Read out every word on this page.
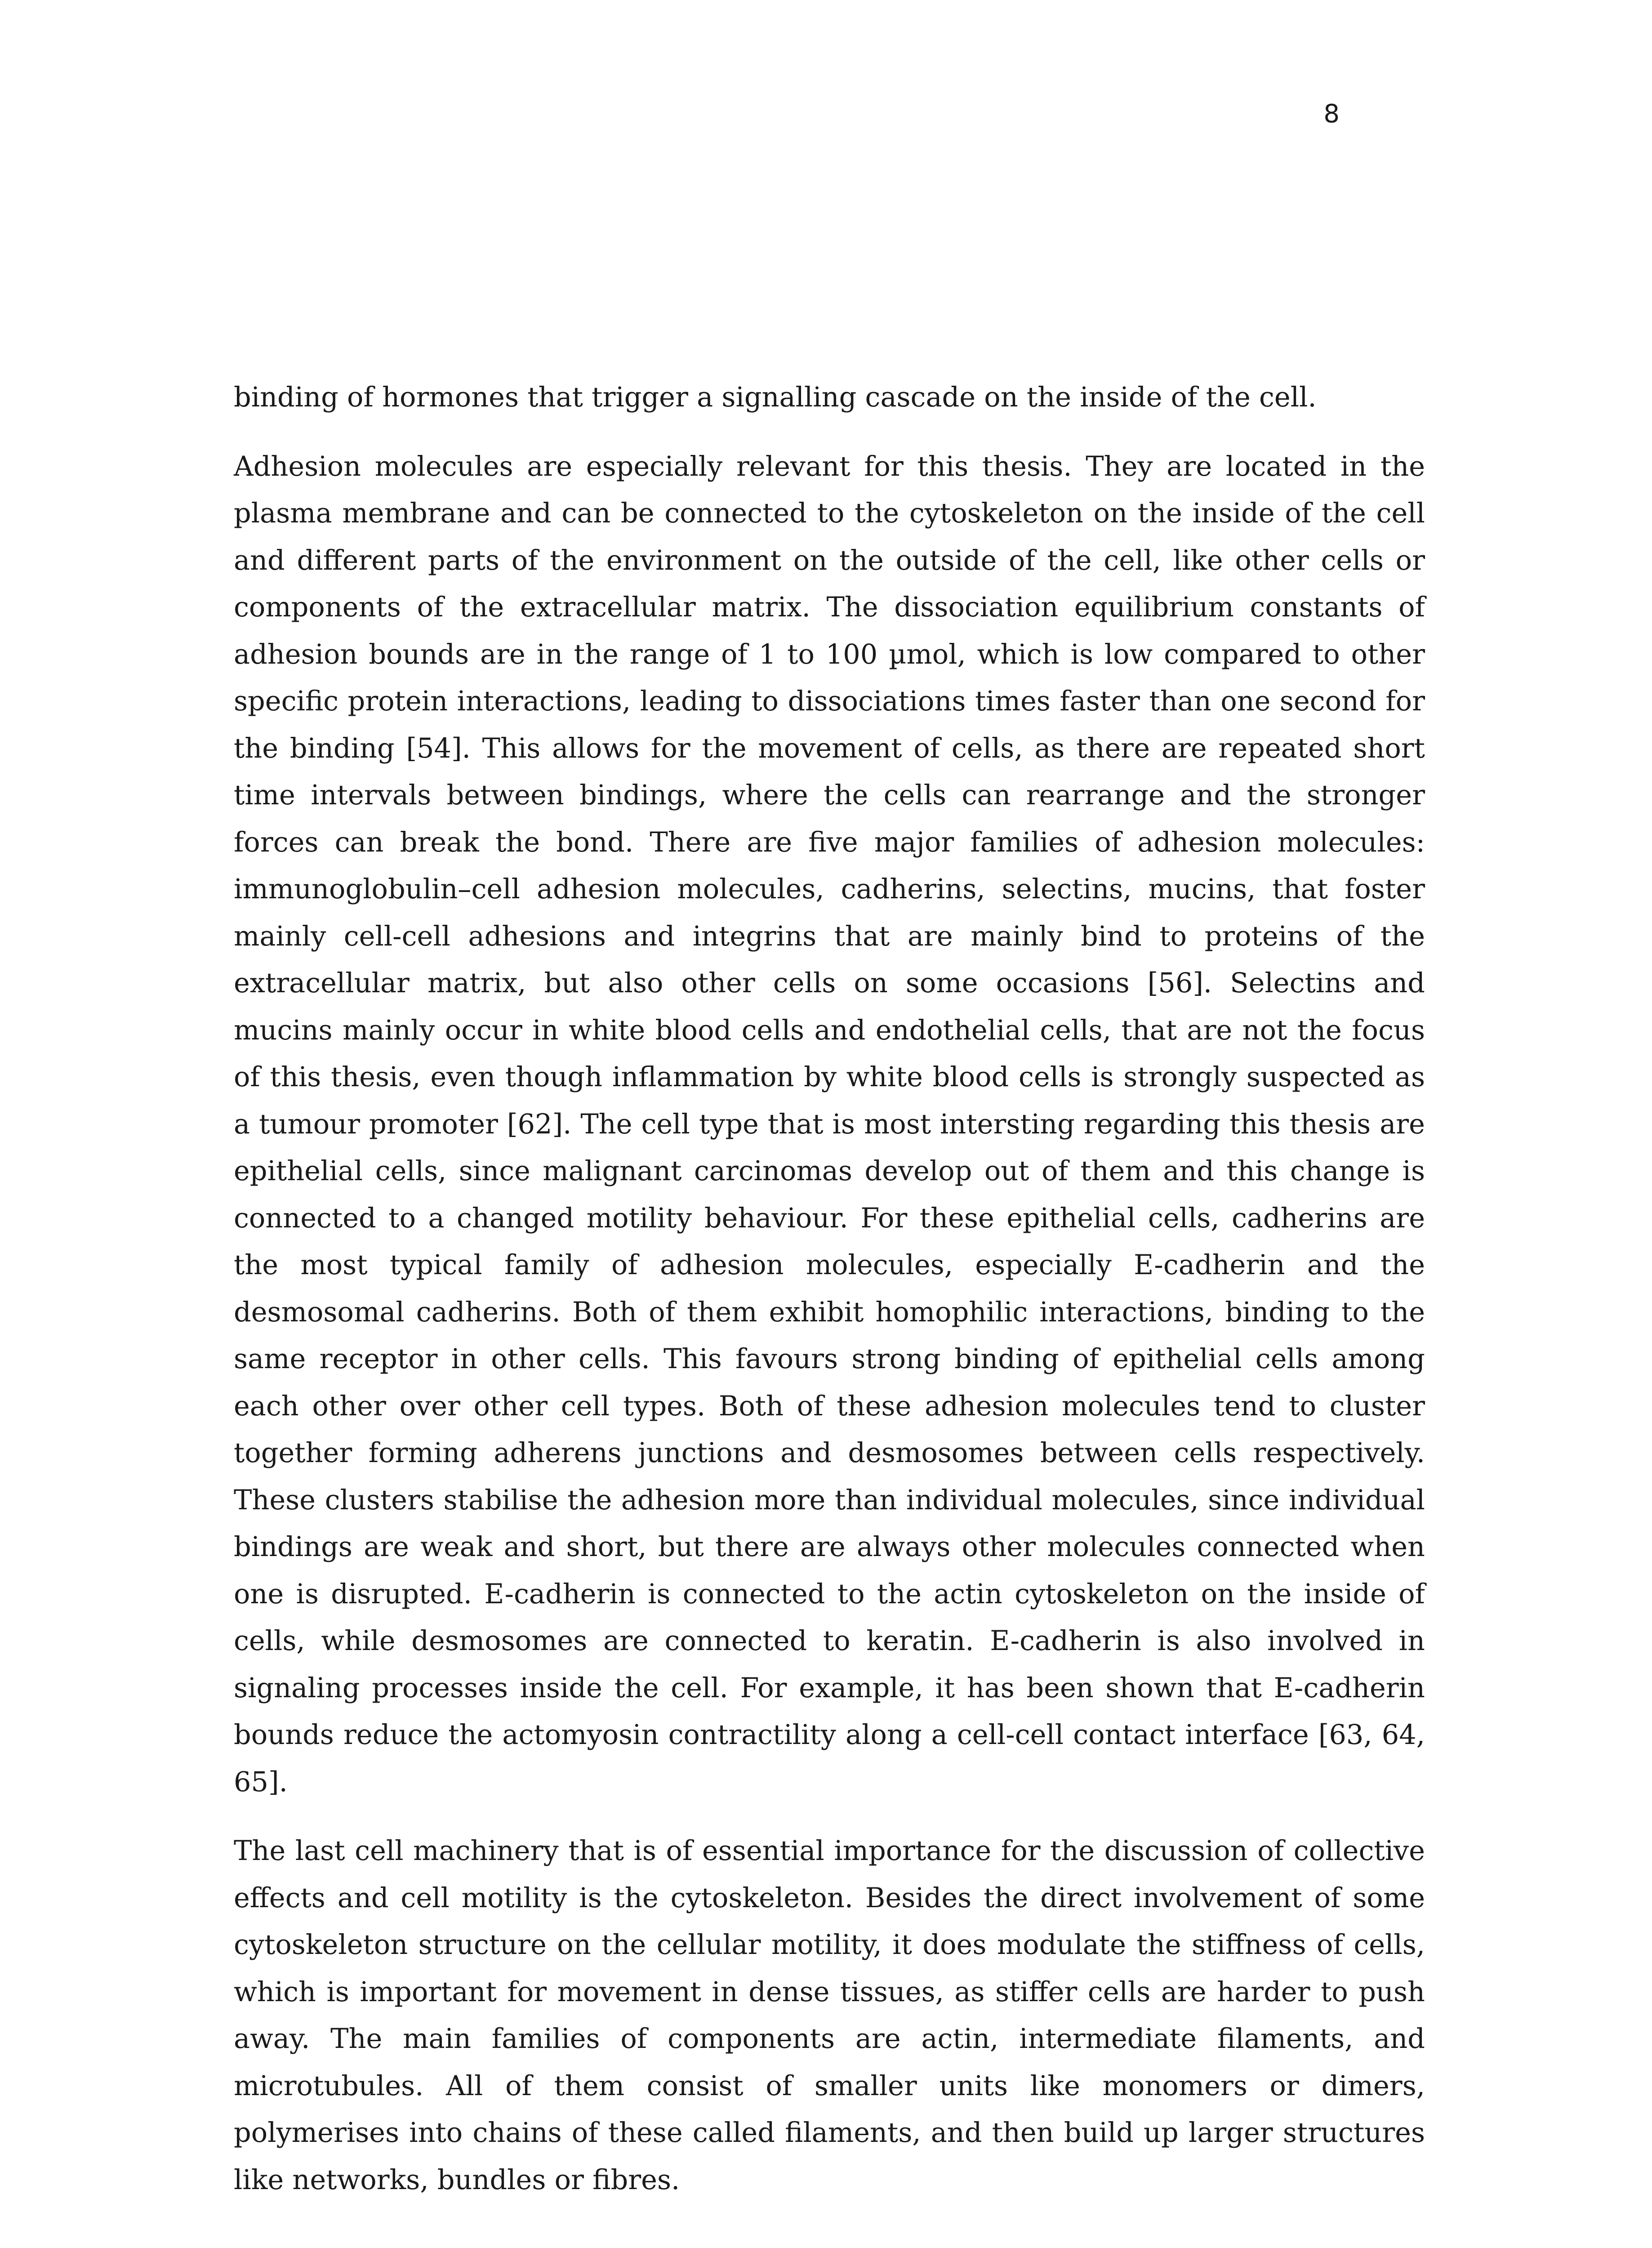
8

binding of hormones that trigger a signalling cascade on the inside of the cell.

Adhesion molecules are especially relevant for this thesis. They are located in the plasma membrane and can be connected to the cytoskeleton on the inside of the cell and different parts of the environment on the outside of the cell, like other cells or components of the extracellular matrix. The dissociation equilibrium constants of adhesion bounds are in the range of 1 to 100 µmol, which is low compared to other specific protein interactions, leading to dissociations times faster than one second for the binding [54]. This allows for the movement of cells, as there are repeated short time intervals between bindings, where the cells can rearrange and the stronger forces can break the bond. There are five major families of adhesion molecules: immunoglobulin–cell adhesion molecules, cadherins, selectins, mucins, that foster mainly cell-cell adhesions and integrins that are mainly bind to proteins of the extracellular matrix, but also other cells on some occasions [56]. Selectins and mucins mainly occur in white blood cells and endothelial cells, that are not the focus of this thesis, even though inflammation by white blood cells is strongly suspected as a tumour promoter [62]. The cell type that is most intersting regarding this thesis are epithelial cells, since malignant carcinomas develop out of them and this change is connected to a changed motility behaviour. For these epithelial cells, cadherins are the most typical family of adhesion molecules, especially E-cadherin and the desmosomal cadherins. Both of them exhibit homophilic interactions, binding to the same receptor in other cells. This favours strong binding of epithelial cells among each other over other cell types. Both of these adhesion molecules tend to cluster together forming adherens junctions and desmosomes between cells respectively. These clusters stabilise the adhesion more than individual molecules, since individual bindings are weak and short, but there are always other molecules connected when one is disrupted. E-cadherin is connected to the actin cytoskeleton on the inside of cells, while desmosomes are connected to keratin. E-cadherin is also involved in signaling processes inside the cell. For example, it has been shown that E-cadherin bounds reduce the actomyosin contractility along a cell-cell contact interface [63, 64, 65].

The last cell machinery that is of essential importance for the discussion of collective effects and cell motility is the cytoskeleton. Besides the direct involvement of some cytoskeleton structure on the cellular motility, it does modulate the stiffness of cells, which is important for movement in dense tissues, as stiffer cells are harder to push away. The main families of components are actin, intermediate filaments, and microtubules. All of them consist of smaller units like monomers or dimers, polymerises into chains of these called filaments, and then build up larger structures like networks, bundles or fibres.
